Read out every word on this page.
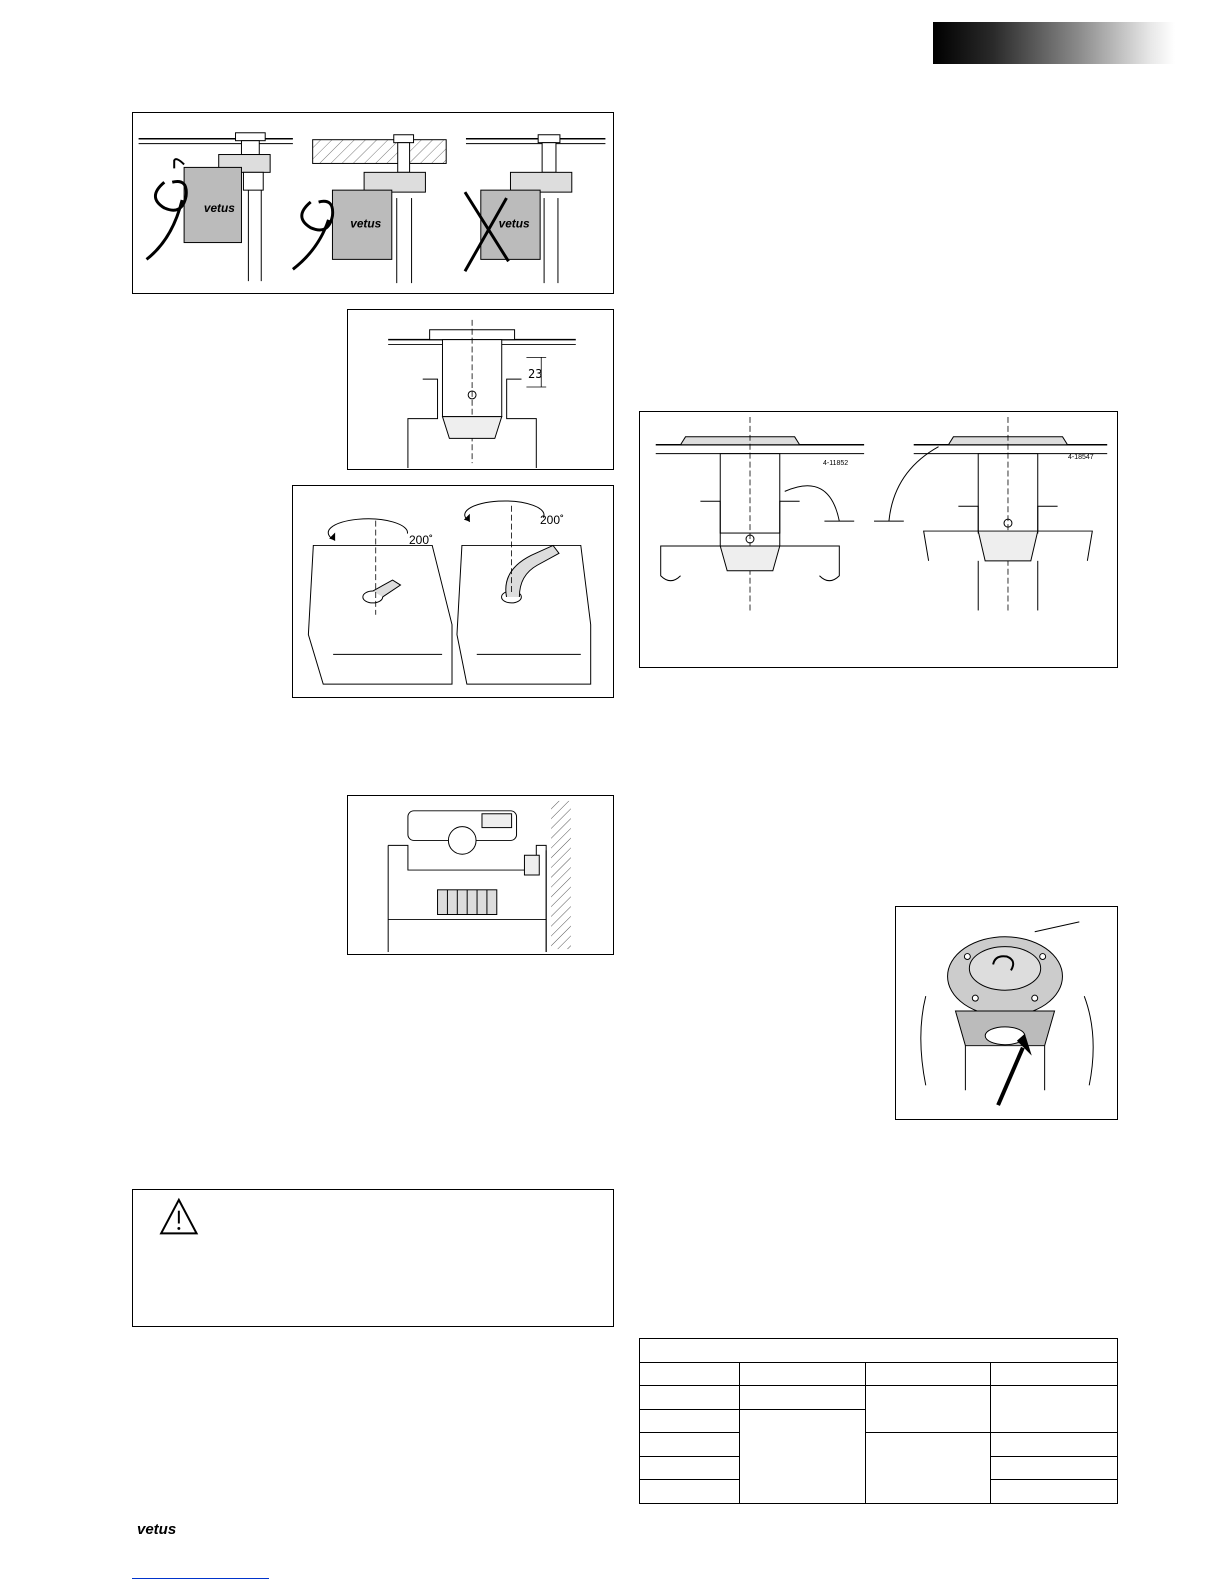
vetus
vetus	vetus
23
200˚
200˚
4-11852
4-18547

vetus
